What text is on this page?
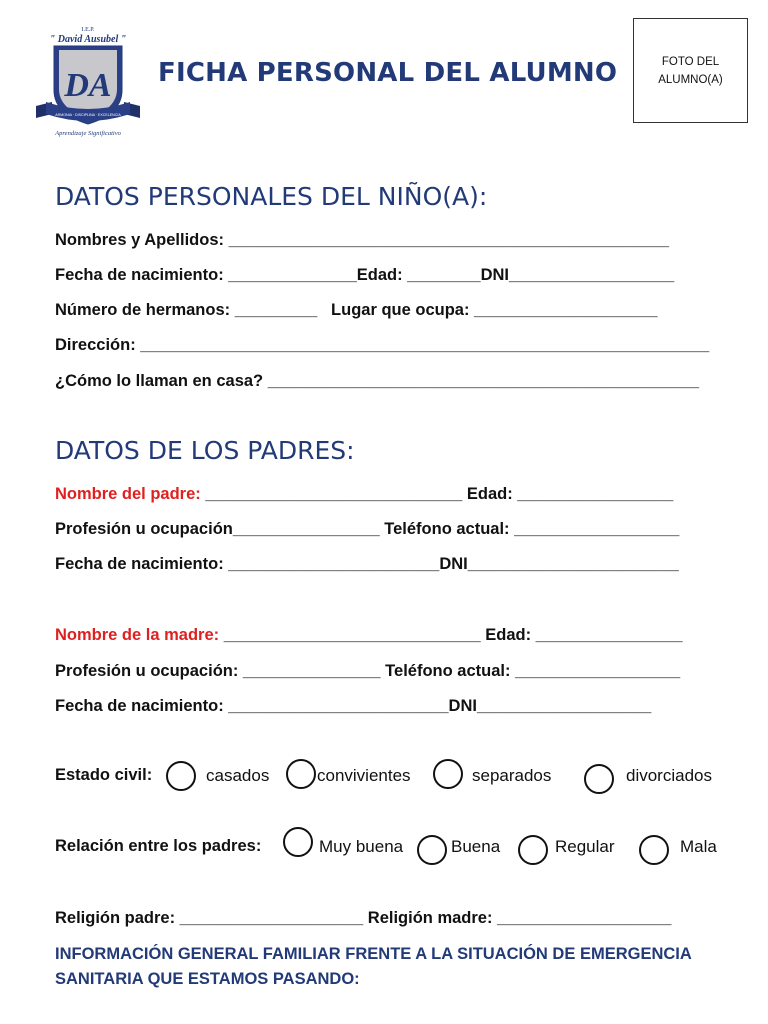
I.E.P.
" David Ausubel "
DA
ARMONIA · DISCIPLINA · EXCELENCIA
Aprendizaje Significativo
FICHA PERSONAL DEL ALUMNO	FOTO DEL ALUMNO(A)
DATOS PERSONALES DEL NIÑO(A):
Nombres y Apellidos: ________________________________________________
Fecha de nacimiento: ______________Edad: ________DNI__________________
Número de hermanos: _________   Lugar que ocupa: ____________________
Dirección: ______________________________________________________________
¿Cómo lo llaman en casa? _______________________________________________
DATOS DE LOS PADRES:
Nombre del padre: ____________________________ Edad: _________________
Profesión u ocupación________________ Teléfono actual: __________________
Fecha de nacimiento: _______________________DNI_______________________
Nombre de la madre: ____________________________ Edad: ________________
Profesión u ocupación: _______________ Teléfono actual: __________________
Fecha de nacimiento: ________________________DNI___________________
Estado civil:	casados	convivientes	separados	divorciados
Relación entre los padres:	Muy buena	Buena	Regular	Mala
Religión padre: ____________________ Religión madre: ___________________
INFORMACIÓN GENERAL FAMILIAR FRENTE A LA SITUACIÓN DE EMERGENCIA SANITARIA QUE ESTAMOS PASANDO:
